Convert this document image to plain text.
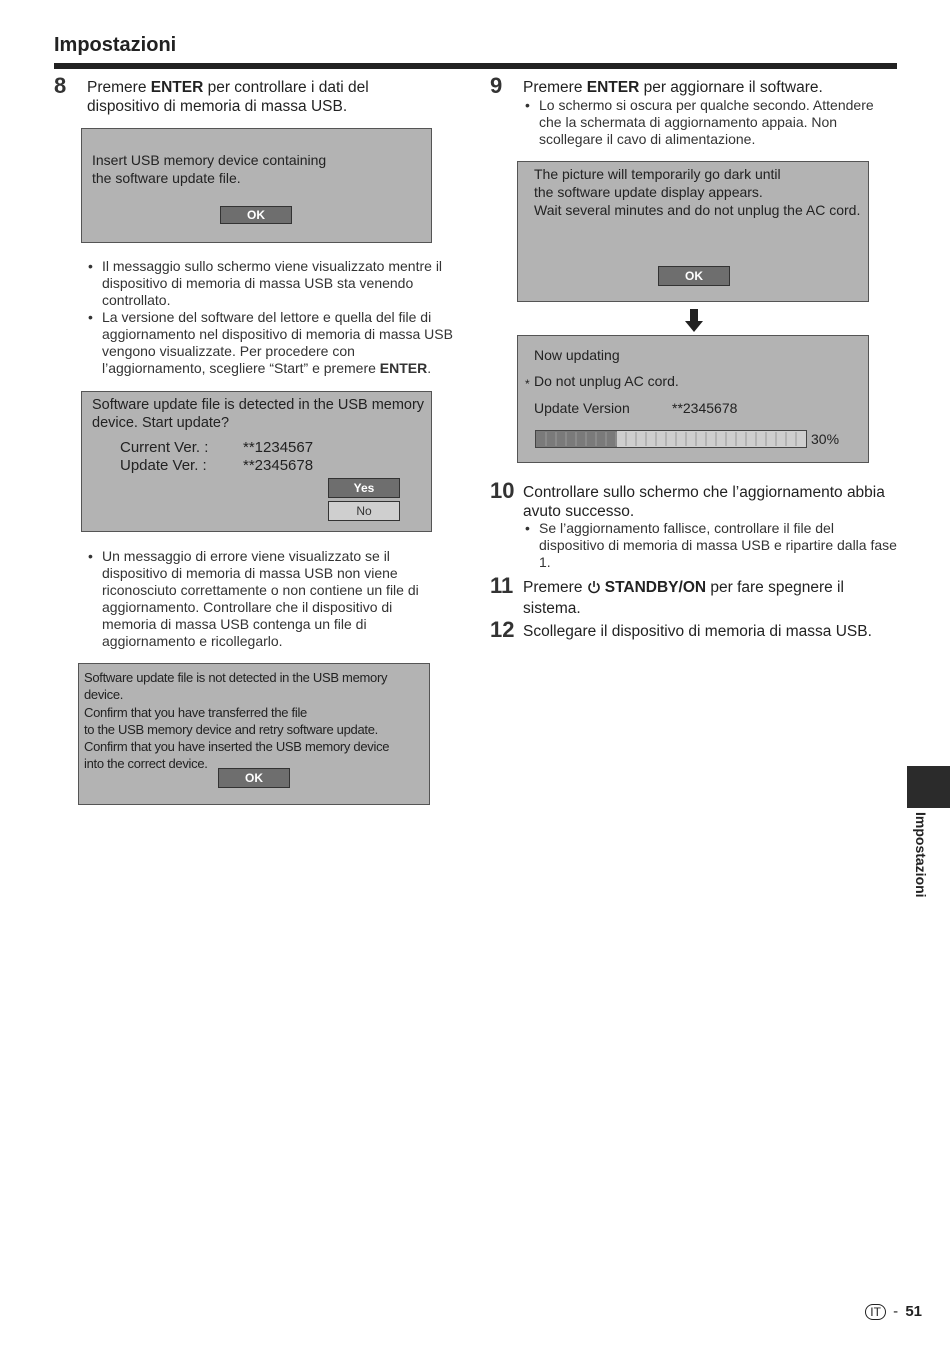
Impostazioni
8 Premere ENTER per controllare i dati del dispositivo di memoria di massa USB.
Insert USB memory device containing
the software update file.
OK
• Il messaggio sullo schermo viene visualizzato mentre il dispositivo di memoria di massa USB sta venendo controllato.
• La versione del software del lettore e quella del file di aggiornamento nel dispositivo di memoria di massa USB vengono visualizzate. Per procedere con l’aggiornamento, scegliere “Start” e premere ENTER.
Software update file is detected in the USB memory
device. Start update?
Current Ver. : **1234567
Update Ver. : **2345678
Yes
No
• Un messaggio di errore viene visualizzato se il dispositivo di memoria di massa USB non viene riconosciuto correttamente o non contiene un file di aggiornamento. Controllare che il dispositivo di memoria di massa USB contenga un file di aggiornamento e ricollegarlo.
Software update file is not detected in the USB memory device.
Confirm that you have transferred the file
to the USB memory device and retry software update.
Confirm that you have inserted the USB memory device
into the correct device.
OK
9 Premere ENTER per aggiornare il software.
• Lo schermo si oscura per qualche secondo. Attendere che la schermata di aggiornamento appaia. Non scollegare il cavo di alimentazione.
The picture will temporarily go dark until
the software update display appears.
Wait several minutes and do not unplug the AC cord.
OK
Now updating
* Do not unplug AC cord.
Update Version	**2345678
30%
10 Controllare sullo schermo che l’aggiornamento abbia avuto successo.
• Se l’aggiornamento fallisce, controllare il file del dispositivo di memoria di massa USB e ripartire dalla fase 1.
11 Premere STANDBY/ON per fare spegnere il sistema.
12 Scollegare il dispositivo di memoria di massa USB.
Impostazioni
IT - 51
